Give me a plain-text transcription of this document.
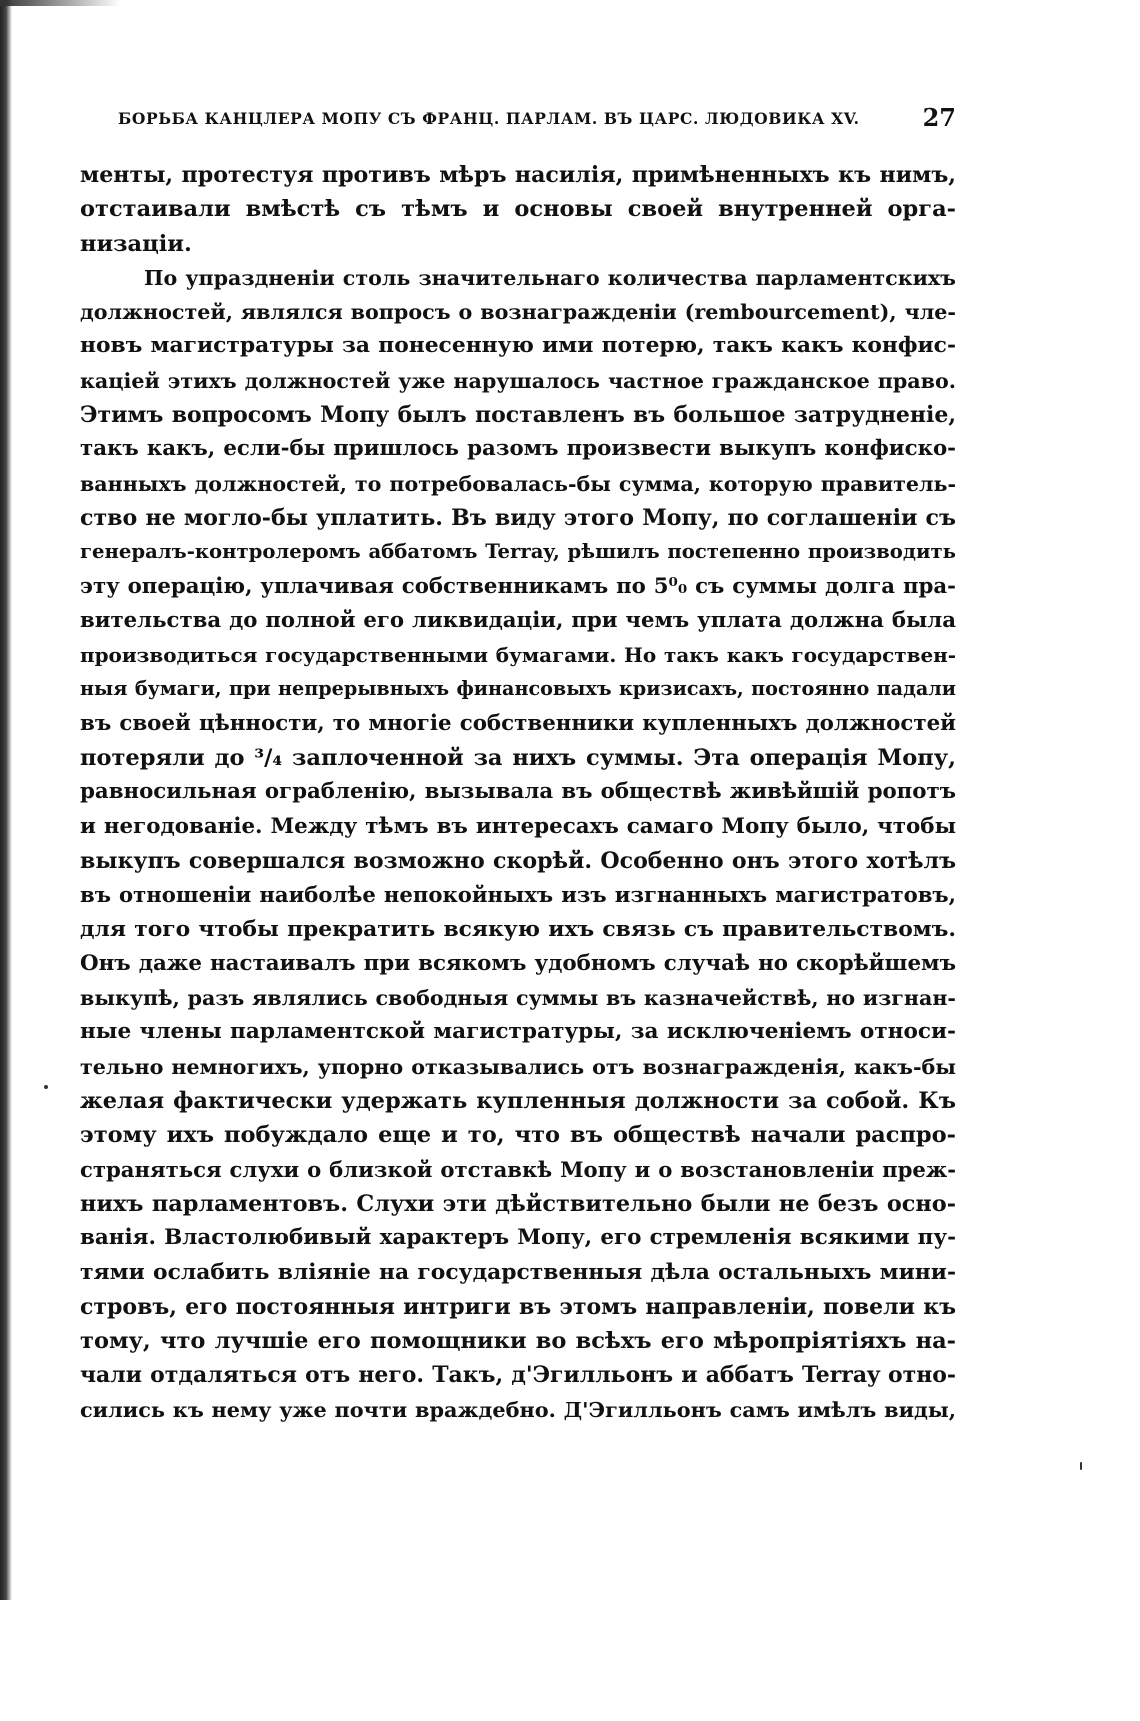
БОРЬБА КАНЦЛЕРА МОПУ СЪ ФРАНЦ. ПАРЛАМ. ВЪ ЦАРС. ЛЮДОВИКА XV.	27
менты, протестуя противъ мѣръ насилія, примѣненныхъ къ нимъ,
отстаивали вмѣстѣ съ тѣмъ и основы своей внутренней орга-
низаціи.
По упраздненіи столь значительнаго количества парламентскихъ
должностей, являлся вопросъ о вознагражденіи (rembourcement), чле-
новъ магистратуры за понесенную ими потерю, такъ какъ конфис-
каціей этихъ должностей уже нарушалось частное гражданское право.
Этимъ вопросомъ Мопу былъ поставленъ въ большое затрудненіе,
такъ какъ, если-бы пришлось разомъ произвести выкупъ конфиско-
ванныхъ должностей, то потребовалась-бы сумма, которую правитель-
ство не могло-бы уплатить. Въ виду этого Мопу, по соглашеніи съ
генералъ-контролеромъ аббатомъ Terray, рѣшилъ постепенно производить
эту операцію, уплачивая собственникамъ по 5⁰₀ съ суммы долга пра-
вительства до полной его ликвидаціи, при чемъ уплата должна была
производиться государственными бумагами. Но такъ какъ государствен-
ныя бумаги, при непрерывныхъ финансовыхъ кризисахъ, постоянно падали
въ своей цѣнности, то многіе собственники купленныхъ должностей
потеряли до ³/₄ заплоченной за нихъ суммы. Эта операція Мопу,
равносильная ограбленію, вызывала въ обществѣ живѣйшій ропотъ
и негодованіе. Между тѣмъ въ интересахъ самаго Мопу было, чтобы
выкупъ совершался возможно скорѣй. Особенно онъ этого хотѣлъ
въ отношеніи наиболѣе непокойныхъ изъ изгнанныхъ магистратовъ,
для того чтобы прекратить всякую ихъ связь съ правительствомъ.
Онъ даже настаивалъ при всякомъ удобномъ случаѣ но скорѣйшемъ
выкупѣ, разъ являлись свободныя суммы въ казначействѣ, но изгнан-
ные члены парламентской магистратуры, за исключеніемъ относи-
тельно немногихъ, упорно отказывались отъ вознагражденія, какъ-бы
желая фактически удержать купленныя должности за собой. Къ
этому ихъ побуждало еще и то, что въ обществѣ начали распро-
страняться слухи о близкой отставкѣ Мопу и о возстановленіи преж-
нихъ парламентовъ. Слухи эти дѣйствительно были не безъ осно-
ванія. Властолюбивый характеръ Мопу, его стремленія всякими пу-
тями ослабить вліяніе на государственныя дѣла остальныхъ мини-
стровъ, его постоянныя интриги въ этомъ направленіи, повели къ
тому, что лучшіе его помощники во всѣхъ его мѣропріятіяхъ на-
чали отдаляться отъ него. Такъ, д'Эгилльонъ и аббатъ Terray отно-
сились къ нему уже почти враждебно. Д'Эгилльонъ самъ имѣлъ виды,
